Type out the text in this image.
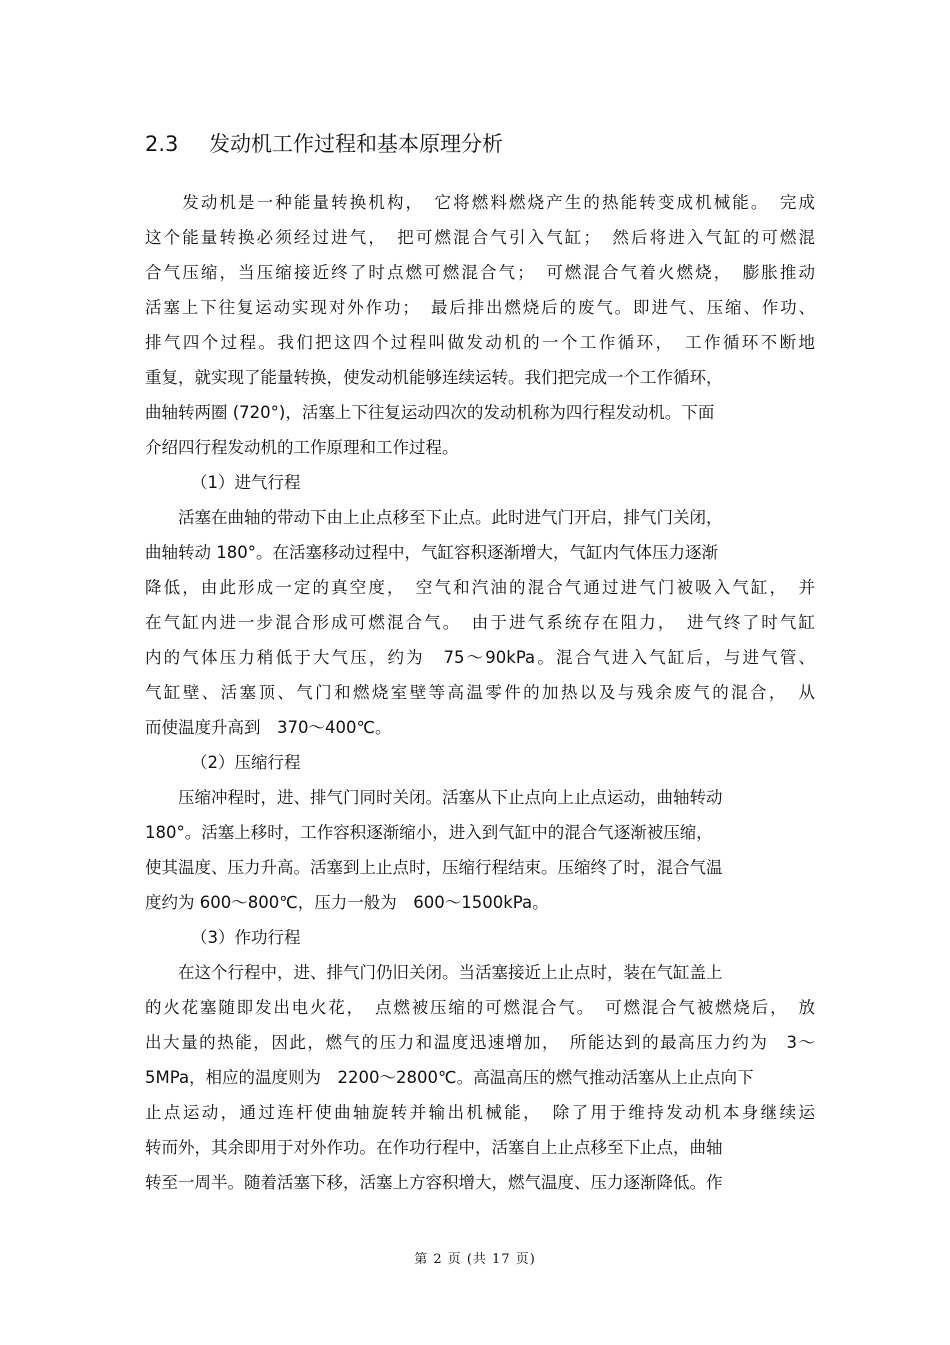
2.3 发动机工作过程和基本原理分析
　　发动机是一种能量转换机构，　它将燃料燃烧产生的热能转变成机械能。　完成
这个能量转换必须经过进气，　把可燃混合气引入气缸；　然后将进入气缸的可燃混
合气压缩，当压缩接近终了时点燃可燃混合气；　可燃混合气着火燃烧，　膨胀推动
活塞上下往复运动实现对外作功；　最后排出燃烧后的废气。即进气、压缩、作功、
排气四个过程。我们把这四个过程叫做发动机的一个工作循环，　工作循环不断地
重复，就实现了能量转换，使发动机能够连续运转。我们把完成一个工作循环，
曲轴转两圈 (720°)，活塞上下往复运动四次的发动机称为四行程发动机。下面
介绍四行程发动机的工作原理和工作过程。
（1）进气行程
　　活塞在曲轴的带动下由上止点移至下止点。此时进气门开启，排气门关闭，
曲轴转动 180°。在活塞移动过程中，气缸容积逐渐增大，气缸内气体压力逐渐
降低，由此形成一定的真空度，　空气和汽油的混合气通过进气门被吸入气缸，　并
在气缸内进一步混合形成可燃混合气。　由于进气系统存在阻力，　进气终了时气缸
内的气体压力稍低于大气压，约为　75～90kPa。混合气进入气缸后，与进气管、
气缸壁、活塞顶、气门和燃烧室壁等高温零件的加热以及与残余废气的混合，　从
而使温度升高到　370～400℃。
（2）压缩行程
　　压缩冲程时，进、排气门同时关闭。活塞从下止点向上止点运动，曲轴转动
180°。活塞上移时，工作容积逐渐缩小，进入到气缸中的混合气逐渐被压缩，
使其温度、压力升高。活塞到上止点时，压缩行程结束。压缩终了时，混合气温
度约为 600～800℃，压力一般为　600～1500kPa。
（3）作功行程
　　在这个行程中，进、排气门仍旧关闭。当活塞接近上止点时，装在气缸盖上
的火花塞随即发出电火花，　点燃被压缩的可燃混合气。　可燃混合气被燃烧后，　放
出大量的热能，因此，燃气的压力和温度迅速增加，　所能达到的最高压力约为　3～
5MPa，相应的温度则为　2200～2800℃。高温高压的燃气推动活塞从上止点向下
止点运动，通过连杆使曲轴旋转并输出机械能，　除了用于维持发动机本身继续运
转而外，其余即用于对外作功。在作功行程中，活塞自上止点移至下止点，曲轴
转至一周半。随着活塞下移，活塞上方容积增大，燃气温度、压力逐渐降低。作
第 2 页 (共 17 页)
